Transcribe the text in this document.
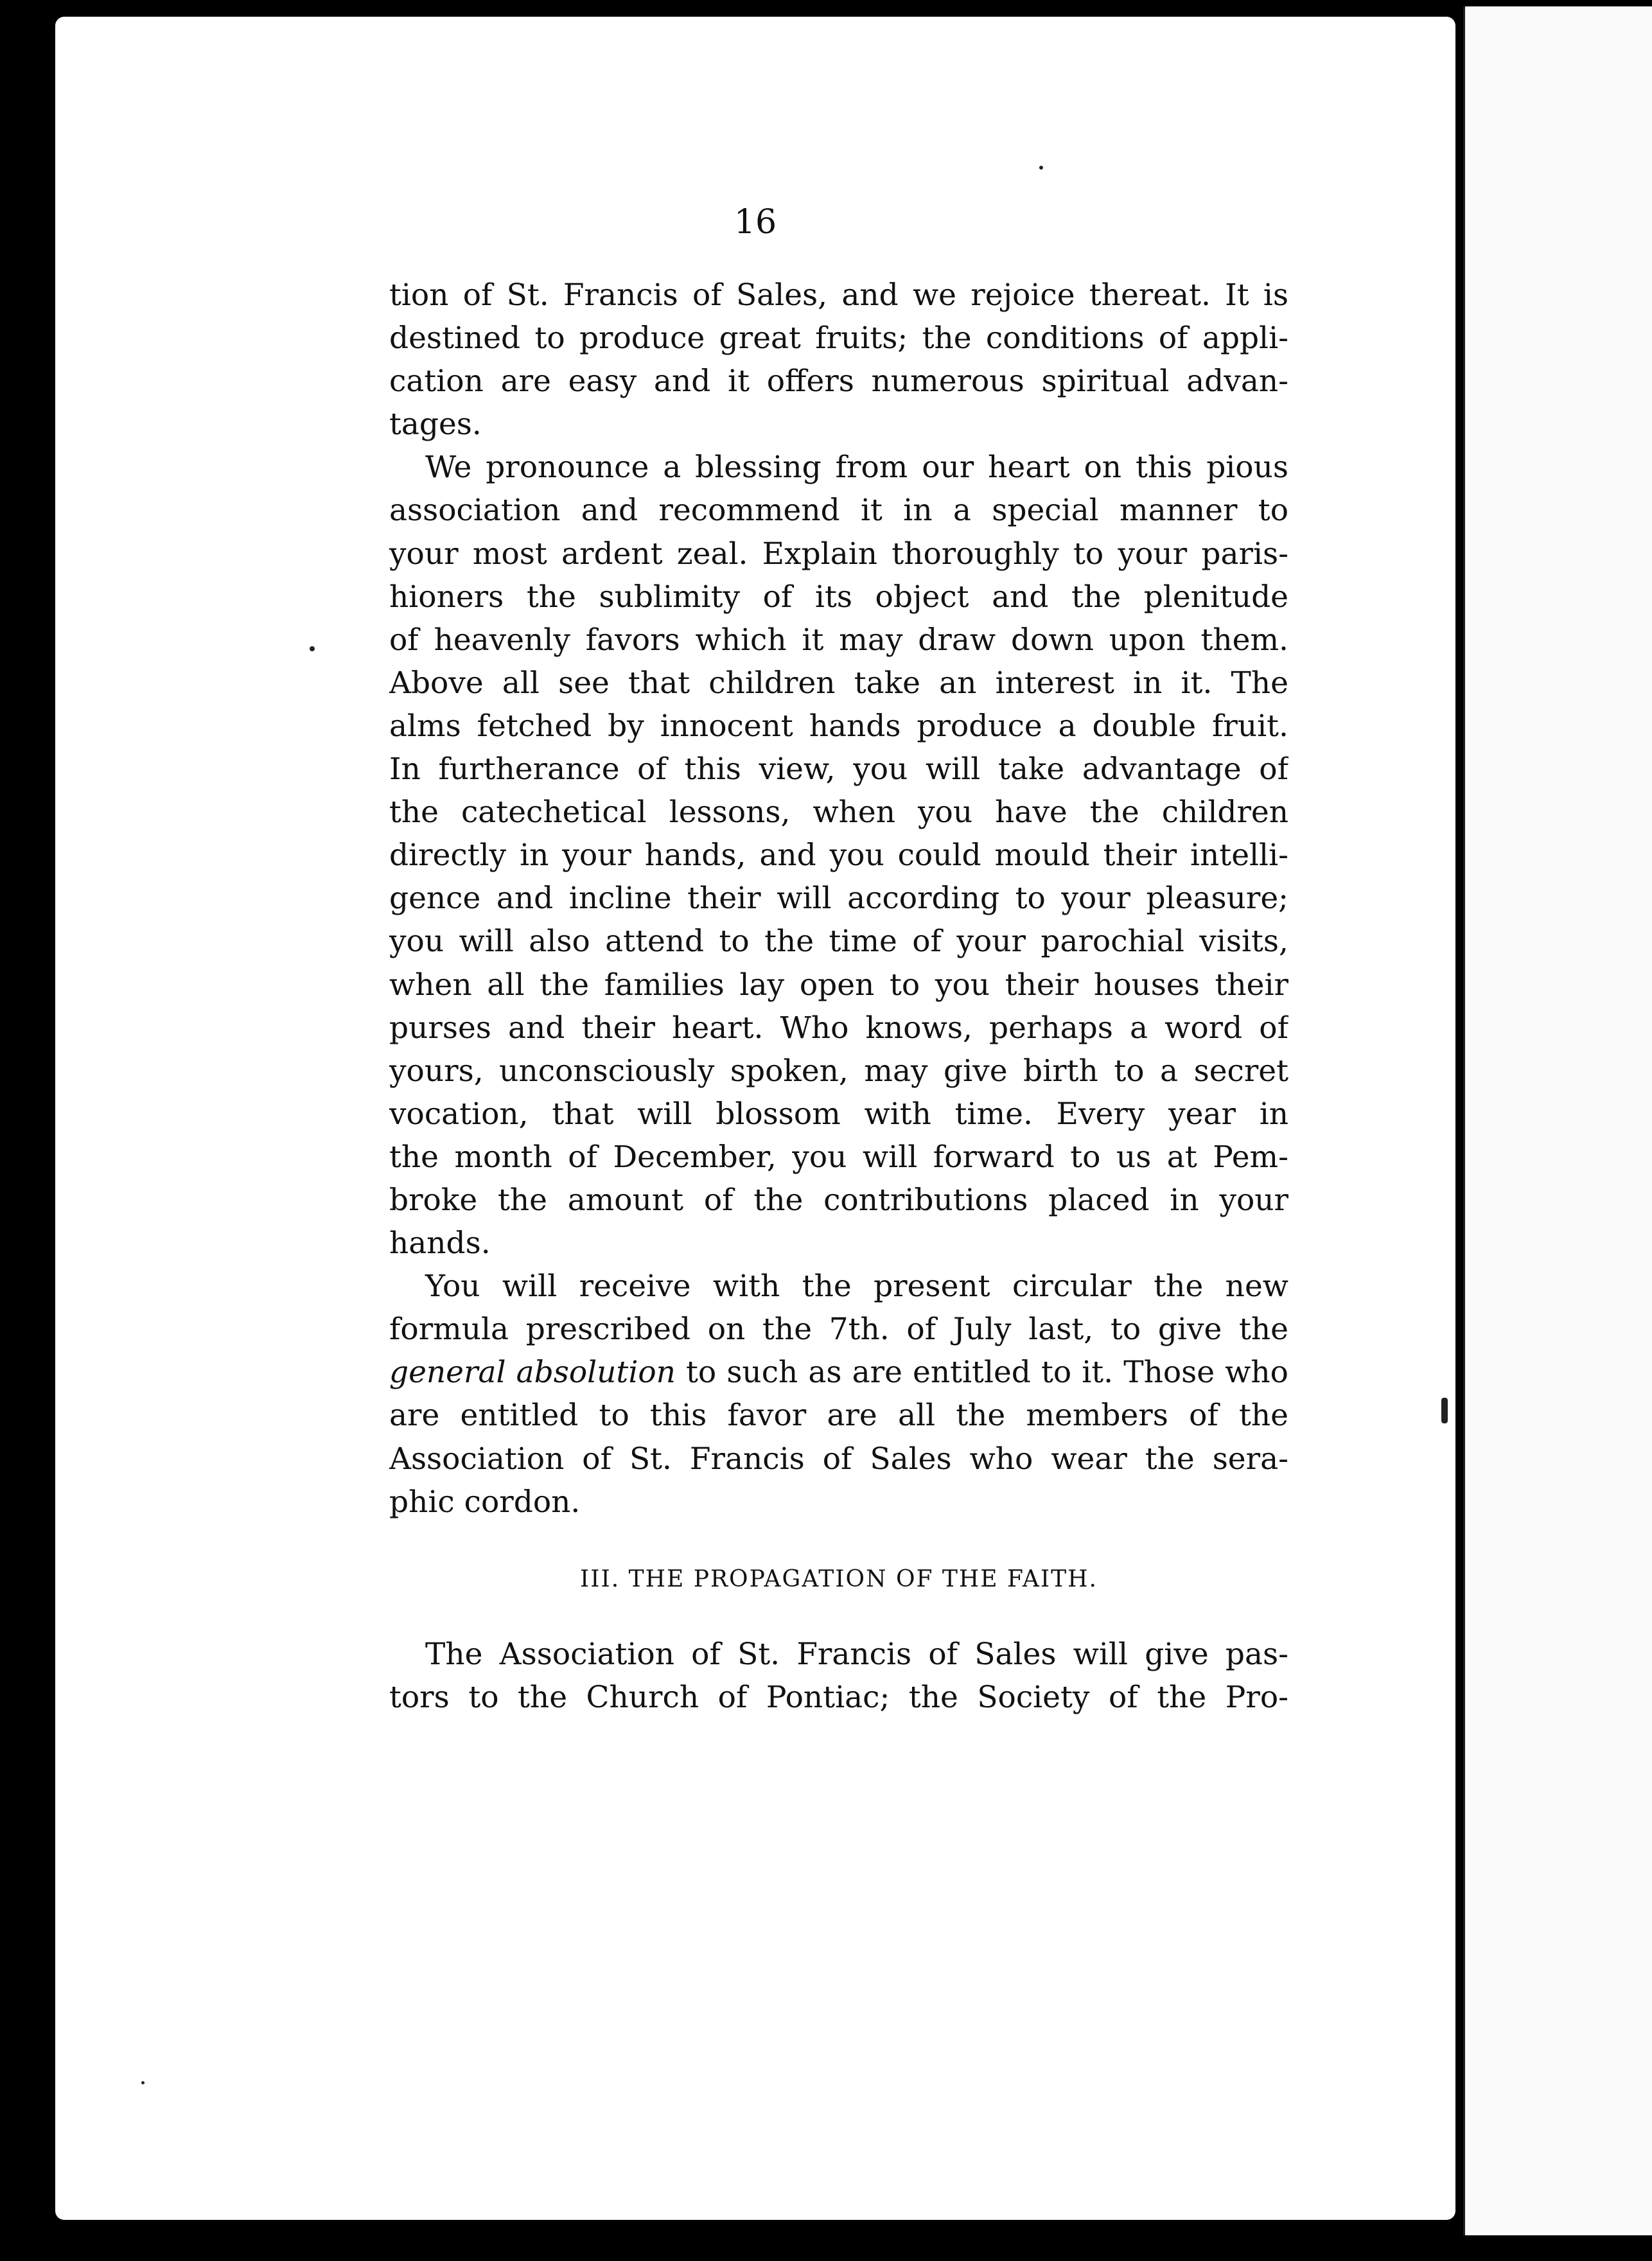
16
tion of St. Francis of Sales, and we rejoice thereat. It is
destined to produce great fruits; the conditions of appli-
cation are easy and it offers numerous spiritual advan-
tages.
We pronounce a blessing from our heart on this pious
association and recommend it in a special manner to
your most ardent zeal. Explain thoroughly to your paris-
hioners the sublimity of its object and the plenitude
of heavenly favors which it may draw down upon them.
Above all see that children take an interest in it. The
alms fetched by innocent hands produce a double fruit.
In furtherance of this view, you will take advantage of
the catechetical lessons, when you have the children
directly in your hands, and you could mould their intelli-
gence and incline their will according to your pleasure;
you will also attend to the time of your parochial visits,
when all the families lay open to you their houses their
purses and their heart. Who knows, perhaps a word of
yours, unconsciously spoken, may give birth to a secret
vocation, that will blossom with time. Every year in
the month of December, you will forward to us at Pem-
broke the amount of the contributions placed in your
hands.
You will receive with the present circular the new
formula prescribed on the 7th. of July last, to give the
general absolution to such as are entitled to it. Those who
are entitled to this favor are all the members of the
Association of St. Francis of Sales who wear the sera-
phic cordon.
III. THE PROPAGATION OF THE FAITH.
The Association of St. Francis of Sales will give pas-
tors to the Church of Pontiac; the Society of the Pro-
